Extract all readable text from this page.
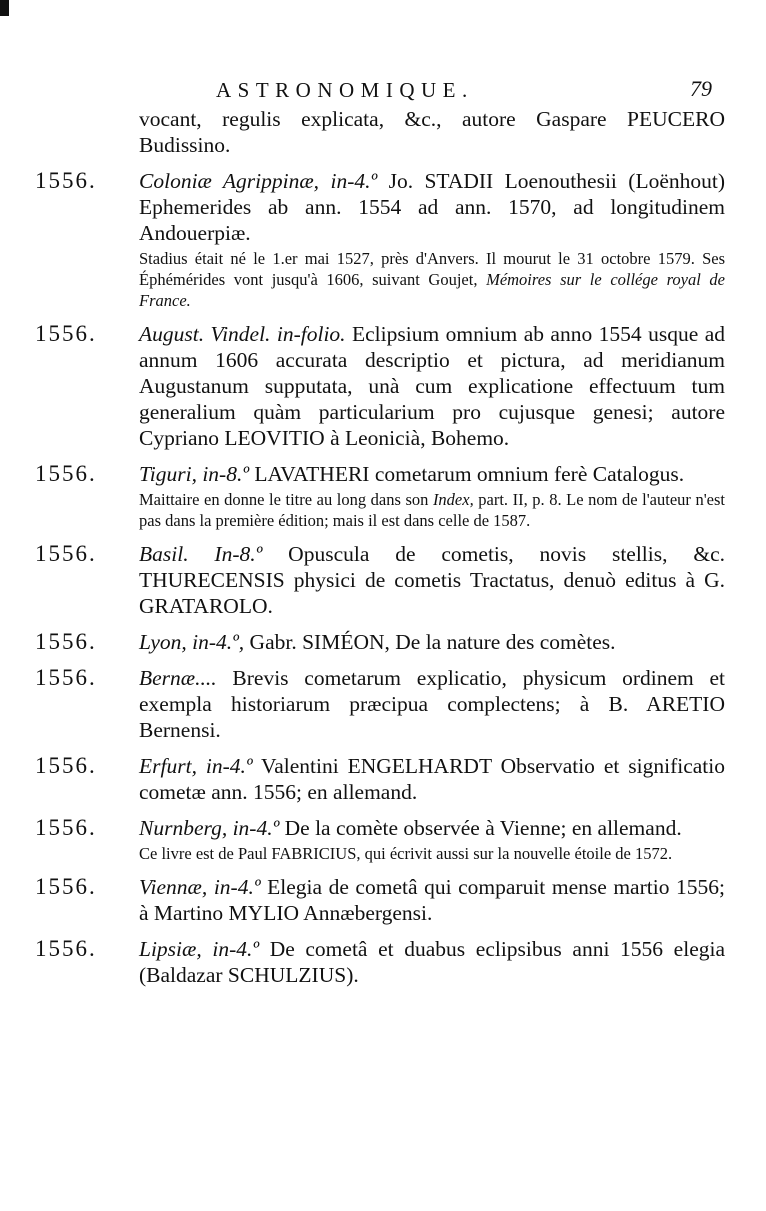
ASTRONOMIQUE.	79
vocant, regulis explicata, &c., autore Gaspare PEUCERO Budissino.
1556. Coloniæ Agrippinæ, in-4.º Jo. STADII Loenouthesii (Loënhout) Ephemerides ab ann. 1554 ad ann. 1570, ad longitudinem Andouerpiæ.
Stadius était né le 1.er mai 1527, près d'Anvers. Il mourut le 31 octobre 1579. Ses Éphémérides vont jusqu'à 1606, suivant Goujet, Mémoires sur le collége royal de France.
1556. August. Vindel. in-folio. Eclipsium omnium ab anno 1554 usque ad annum 1606 accurata descriptio et pictura, ad meridianum Augustanum supputata, unà cum explicatione effectuum tum generalium quàm particularium pro cujusque genesi; autore Cypriano LEOVITIO à Leonicià, Bohemo.
1556. Tiguri, in-8.º LAVATHERI cometarum omnium ferè Catalogus.
Maittaire en donne le titre au long dans son Index, part. II, p. 8. Le nom de l'auteur n'est pas dans la première édition; mais il est dans celle de 1587.
1556. Basil. In-8.º Opuscula de cometis, novis stellis, &c. THURECENSIS physici de cometis Tractatus, denuò editus à G. GRATAROLO.
1556. Lyon, in-4.º, Gabr. SIMÉON, De la nature des comètes.
1556. Bernæ.... Brevis cometarum explicatio, physicum ordinem et exempla historiarum præcipua complectens; à B. ARETIO Bernensi.
1556. Erfurt, in-4.º Valentini ENGELHARDT Observatio et significatio cometæ ann. 1556; en allemand.
1556. Nurnberg, in-4.º De la comète observée à Vienne; en allemand.
Ce livre est de Paul FABRICIUS, qui écrivit aussi sur la nouvelle étoile de 1572.
1556. Viennæ, in-4.º Elegia de cometâ qui comparuit mense martio 1556; à Martino MYLIO Annæbergensi.
1556. Lipsiæ, in-4.º De cometâ et duabus eclipsibus anni 1556 elegia (Baldazar SCHULZIUS).
